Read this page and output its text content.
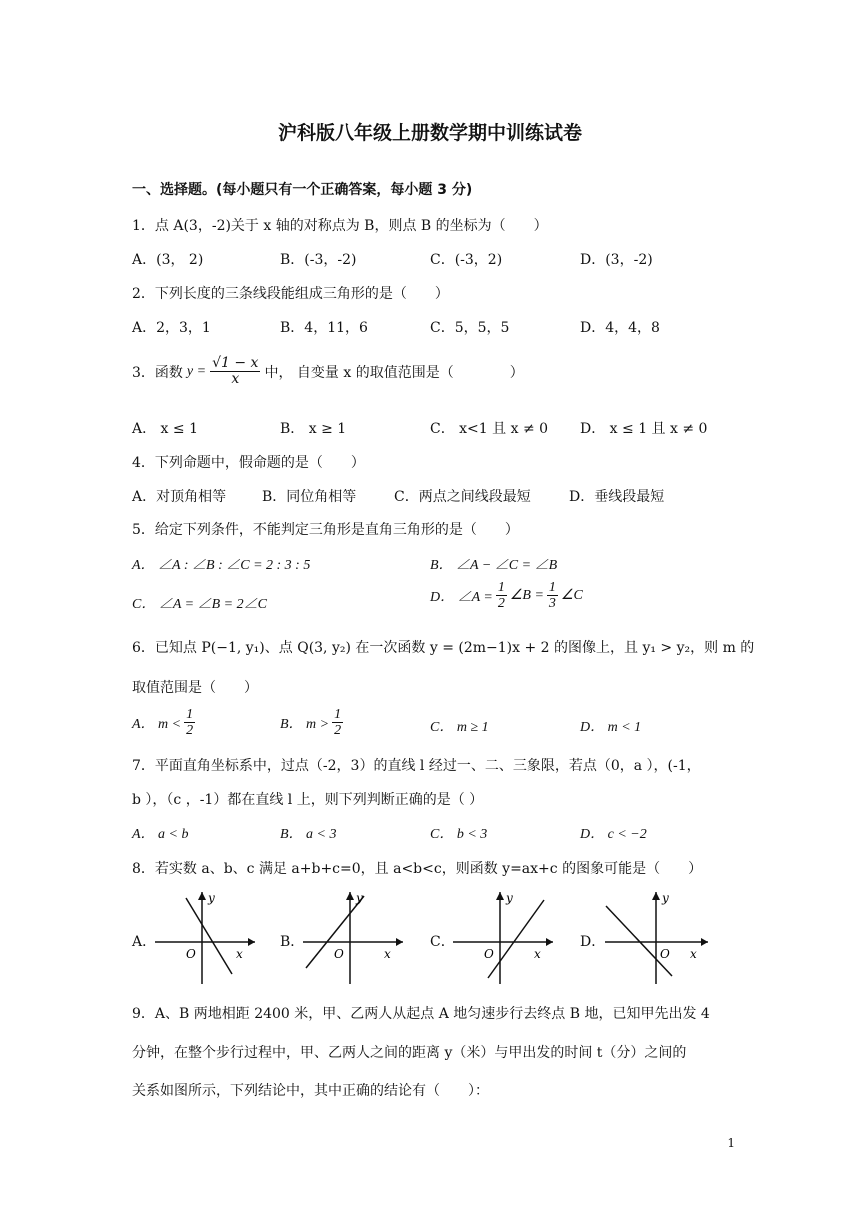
沪科版八年级上册数学期中训练试卷
一、选择题。(每小题只有一个正确答案，每小题 3 分)
1．点 A(3，-2)关于 x 轴的对称点为 B，则点 B 的坐标为（　　）
A．(3， 2)	B．(-3，-2)	C．(-3，2)	D．(3，-2)
2．下列长度的三条线段能组成三角形的是（　　）
A．2，3，1	B．4，11，6	C．5，5，5	D．4，4，8
3．函数 $y = \frac{√1 - x}{x}$ 中， 自变量 x 的取值范围是（　　　　）
A． x ≤ 1	B． x ≥ 1	C． x<1 且 x ≠ 0 D． x ≤ 1 且 x ≠ 0
4．下列命题中，假命题的是（　　）
A．对顶角相等	B．同位角相等	C．两点之间线段最短	D．垂线段最短
5．给定下列条件，不能判定三角形是直角三角形的是（　　）
A． ∠A : ∠B : ∠C = 2 : 3 : 5	B． ∠A − ∠C = ∠B
C． ∠A = ∠B = 2∠C	D． ∠A = $\frac{1}{2}$ ∠B = $\frac{1}{3}$ ∠C
6．已知点 P(−1, y₁)、点 Q(3, y₂) 在一次函数 y = (2m−1)x + 2 的图像上，且 y₁ > y₂，则 m 的
取值范围是（　　）
A． $m < \frac{1}{2}$	B． $m > \frac{1}{2}$	C． m ≥ 1	D． m < 1
7．平面直角坐标系中，过点（-2，3）的直线 l 经过一、二、三象限，若点（0，a ），(-1，
b ），（c ，-1）都在直线 l 上，则下列判断正确的是（ ）
A． a < b	B． a < 3	C． b < 3	D． c < −2
8．若实数 a、b、c 满足 a+b+c=0，且 a<b<c，则函数 y=ax+c 的图象可能是（　　）
A．
y
x
O
B．
y
x
O
C．
y
x
O
D．
y
x
O
9．A、B 两地相距 2400 米，甲、乙两人从起点 A 地匀速步行去终点 B 地，已知甲先出发 4
分钟，在整个步行过程中，甲、乙两人之间的距离 y（米）与甲出发的时间 t（分）之间的
关系如图所示，下列结论中，其中正确的结论有（　　）：
1
